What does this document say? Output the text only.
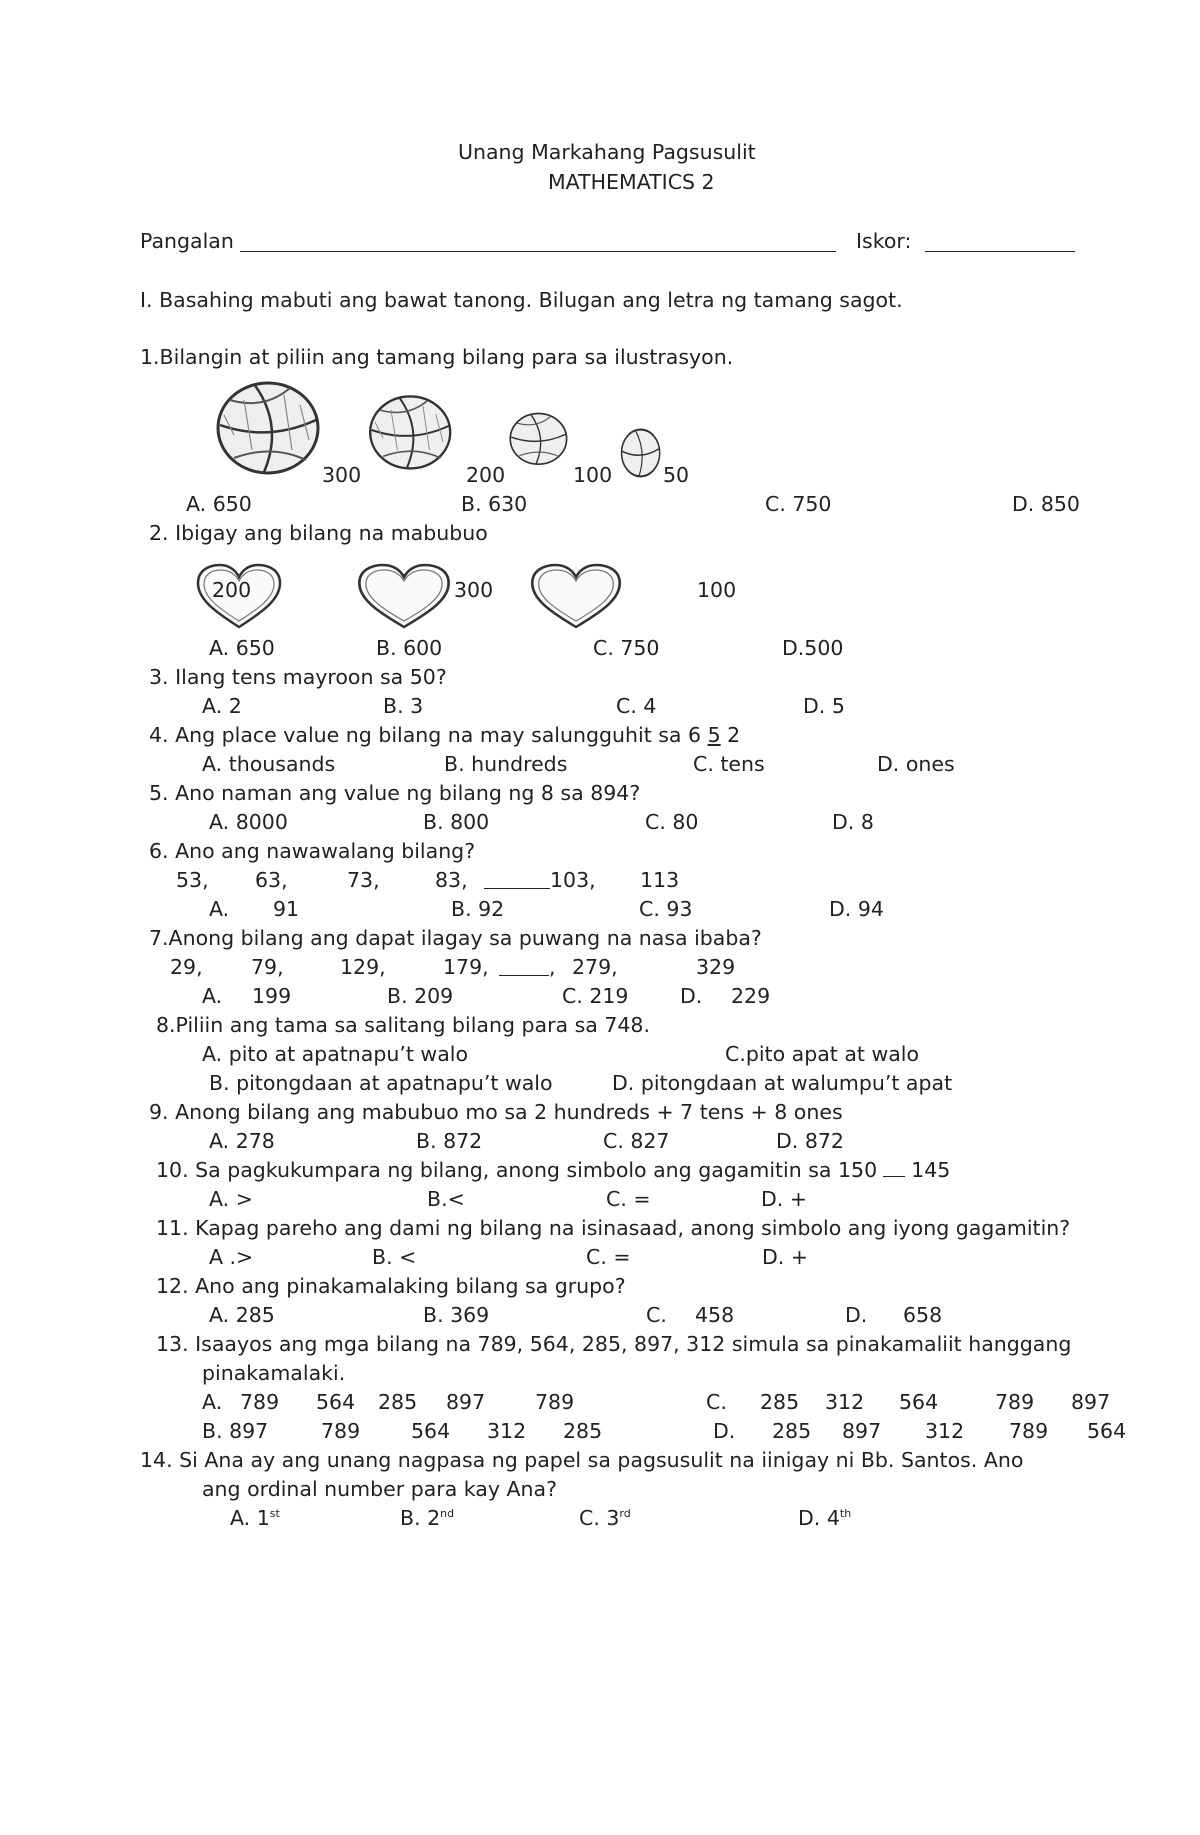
Unang Markahang Pagsusulit
MATHEMATICS 2
Pangalan	Iskor:
I. Basahing mabuti ang bawat tanong. Bilugan ang letra ng tamang sagot.
1.Bilangin at piliin ang tamang bilang para sa ilustrasyon.
300	200	100 50
A. 650	B. 630	C. 750	D. 850
2. Ibigay ang bilang na mabubuo
200	300	100
A. 650	B. 600	C. 750	D.500
3. Ilang tens mayroon sa 50?
A. 2	B. 3	C. 4	D. 5
4. Ang place value ng bilang na may salungguhit sa 6 5 2
A. thousands	B. hundreds	C. tens	D. ones
5. Ano naman ang value ng bilang ng 8 sa 894?
A. 8000	B. 800	C. 80	D. 8
6. Ano ang nawawalang bilang?
53, 63,	73,	83,	103, 113
A. 91	B. 92	C. 93	D. 94
7.Anong bilang ang dapat ilagay sa puwang na nasa ibaba?
29, 79,	129,	179,	, 279,	329
A. 199	B. 209	C. 219	D. 229
8.Piliin ang tama sa salitang bilang para sa 748.
A. pito at apatnapu’t walo	C.pito apat at walo
B. pitongdaan at apatnapu’t walo	D. pitongdaan at walumpu’t apat
9. Anong bilang ang mabubuo mo sa 2 hundreds + 7 tens + 8 ones
A. 278	B. 872	C. 827	D. 872
10. Sa pagkukumpara ng bilang, anong simbolo ang gagamitin sa 150 145
A. >	B.<	C. =	D. +
11. Kapag pareho ang dami ng bilang na isinasaad, anong simbolo ang iyong gagamitin?
A .>	B. <	C. =	D. +
12. Ano ang pinakamalaking bilang sa grupo?
A. 285	B. 369	C. 458	D. 658
13. Isaayos ang mga bilang na 789, 564, 285, 897, 312 simula sa pinakamaliit hanggang
pinakamalaki.
A. 789 564 285 897 789	C. 285 312 564	789 897
B. 897	789 564 312 285	D. 285 897 312 789 564
14. Si Ana ay ang unang nagpasa ng papel sa pagsusulit na iinigay ni Bb. Santos. Ano
ang ordinal number para kay Ana?
A. 1st	B. 2nd	C. 3rd	D. 4th
